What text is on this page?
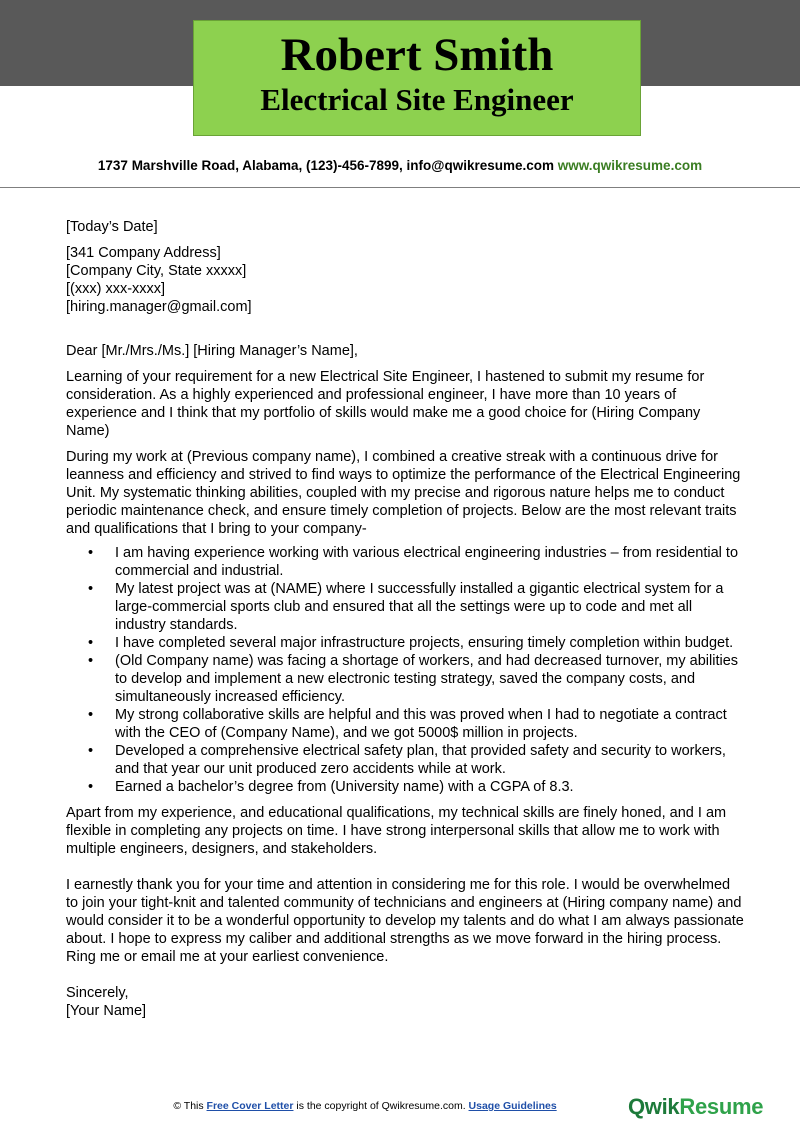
Robert Smith
Electrical Site Engineer
1737 Marshville Road, Alabama, (123)-456-7899, info@qwikresume.com www.qwikresume.com

[Today’s Date]

[341 Company Address]

[Company City, State xxxxx]

[(xxx) xxx-xxxx]

[hiring.manager@gmail.com]

Dear [Mr./Mrs./Ms.] [Hiring Manager’s Name],

Learning of your requirement for a new Electrical Site Engineer, I hastened to submit my resume for consideration. As a highly experienced and professional engineer, I have more than 10 years of experience and I think that my portfolio of skills would make me a good choice for (Hiring Company Name)

During my work at (Previous company name), I combined a creative streak with a continuous drive for leanness and efficiency and strived to find ways to optimize the performance of the Electrical Engineering Unit. My systematic thinking abilities, coupled with my precise and rigorous nature helps me to conduct periodic maintenance check, and ensure timely completion of projects. Below are the most relevant traits and qualifications that I bring to your company-

• I am having experience working with various electrical engineering industries – from residential to commercial and industrial.
• My latest project was at (NAME) where I successfully installed a gigantic electrical system for a large-commercial sports club and ensured that all the settings were up to code and met all industry standards.
• I have completed several major infrastructure projects, ensuring timely completion within budget.
• (Old Company name) was facing a shortage of workers, and had decreased turnover, my abilities to develop and implement a new electronic testing strategy, saved the company costs, and simultaneously increased efficiency.
• My strong collaborative skills are helpful and this was proved when I had to negotiate a contract with the CEO of (Company Name), and we got 5000$ million in projects.
• Developed a comprehensive electrical safety plan, that provided safety and security to workers, and that year our unit produced zero accidents while at work.
• Earned a bachelor’s degree from (University name) with a CGPA of 8.3.

Apart from my experience, and educational qualifications, my technical skills are finely honed, and I am flexible in completing any projects on time. I have strong interpersonal skills that allow me to work with multiple engineers, designers, and stakeholders.

I earnestly thank you for your time and attention in considering me for this role. I would be overwhelmed to join your tight-knit and talented community of technicians and engineers at (Hiring company name) and would consider it to be a wonderful opportunity to develop my talents and do what I am always passionate about. I hope to express my caliber and additional strengths as we move forward in the hiring process. Ring me or email me at your earliest convenience.

Sincerely,

[Your Name]

© This Free Cover Letter is the copyright of Qwikresume.com. Usage Guidelines	QwikResume
